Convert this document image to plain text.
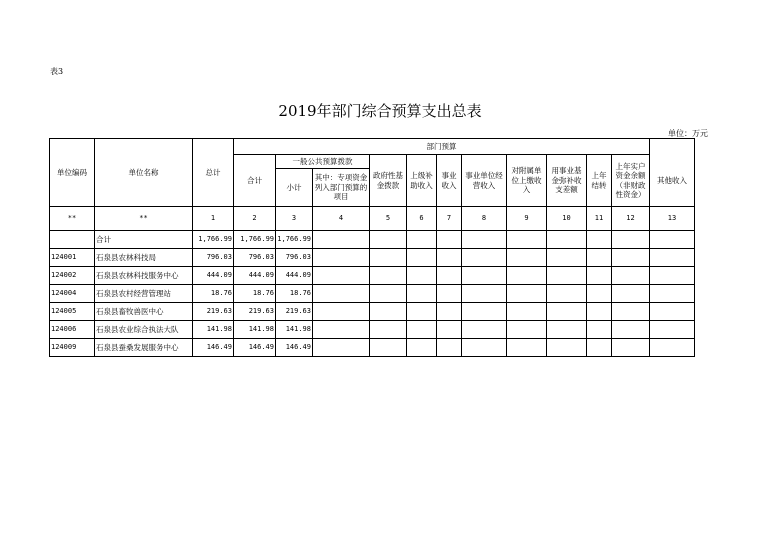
表3
2019年部门综合预算支出总表
单位：万元
单位编码	单位名称	总计	部门预算											
			合计	一般公共预算拨款		政府性基金拨款	上级补助收入	事业收入	事业单位经营收入	对附属单位上缴收入	用事业基金弥补收支差额	上年结转	上年实户资金余额（非财政性资金）	其他收入
				小计	其中：专项资金列入部门预算的项目									
**	**	1	2	3	4	5	6	7	8	9	10	11	12	13
	合计	1,766.99	1,766.99	1,766.99										
124001	石泉县农林科技局	796.03	796.03	796.03										
124002	石泉县农林科技服务中心	444.09	444.09	444.09										
124004	石泉县农村经营管理站	18.76	18.76	18.76										
124005	石泉县畜牧兽医中心	219.63	219.63	219.63										
124006	石泉县农业综合执法大队	141.98	141.98	141.98										
124009	石泉县蚕桑发展服务中心	146.49	146.49	146.49										
